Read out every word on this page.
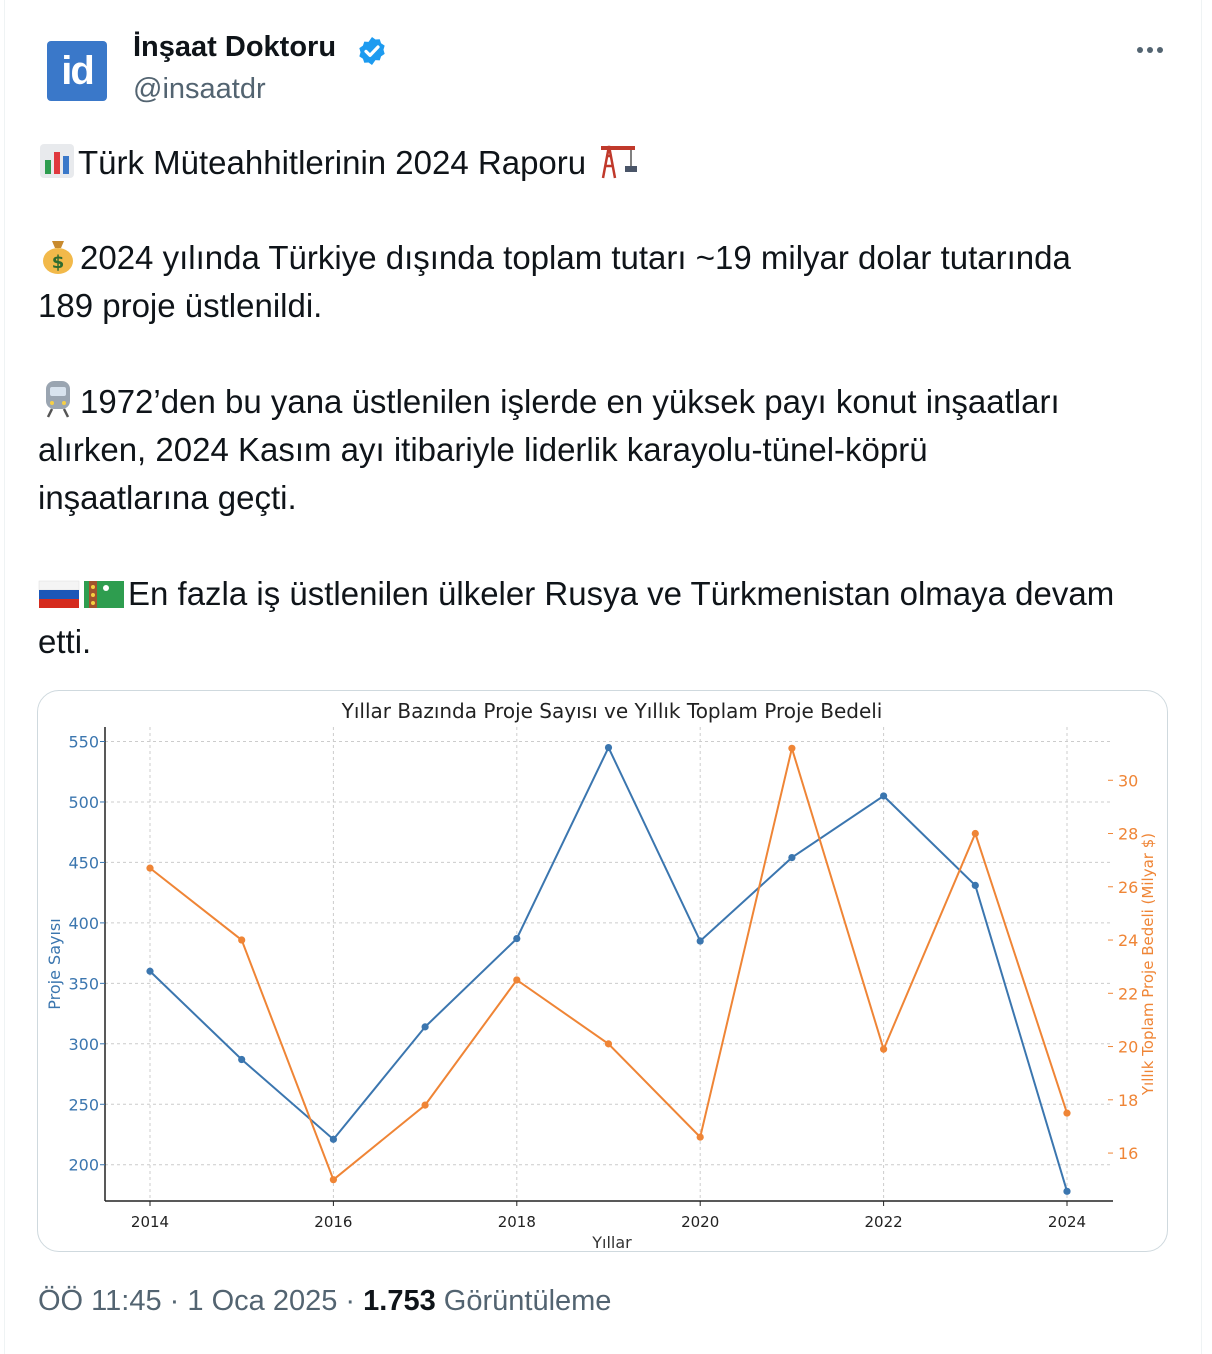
id
İnşaat Doktoru
@insaatdr
Türk Müteahhitlerinin 2024 Raporu
$ 2024 yılında Türkiye dışında toplam tutarı ~19 milyar dolar tutarında
189 proje üstlenildi.
1972’den bu yana üstlenilen işlerde en yüksek payı konut inşaatları
alırken, 2024 Kasım ayı itibariyle liderlik karayolu-tünel-köprü
inşaatlarına geçti.
En fazla iş üstlenilen ülkeler Rusya ve Türkmenistan olmaya devam
etti.
Yıllar Bazında Proje Sayısı ve Yıllık Toplam Proje Bedeli
2014	2016	2018	2020	2022	2024
Yıllar
200
250
300
350
400
450
500
550
Proje Sayısı
16
18
20
22
24
26
28
30
Yıllık Toplam Proje Bedeli (Milyar $)
ÖÖ 11:45 · 1 Oca 2025 · 1.753 Görüntüleme
